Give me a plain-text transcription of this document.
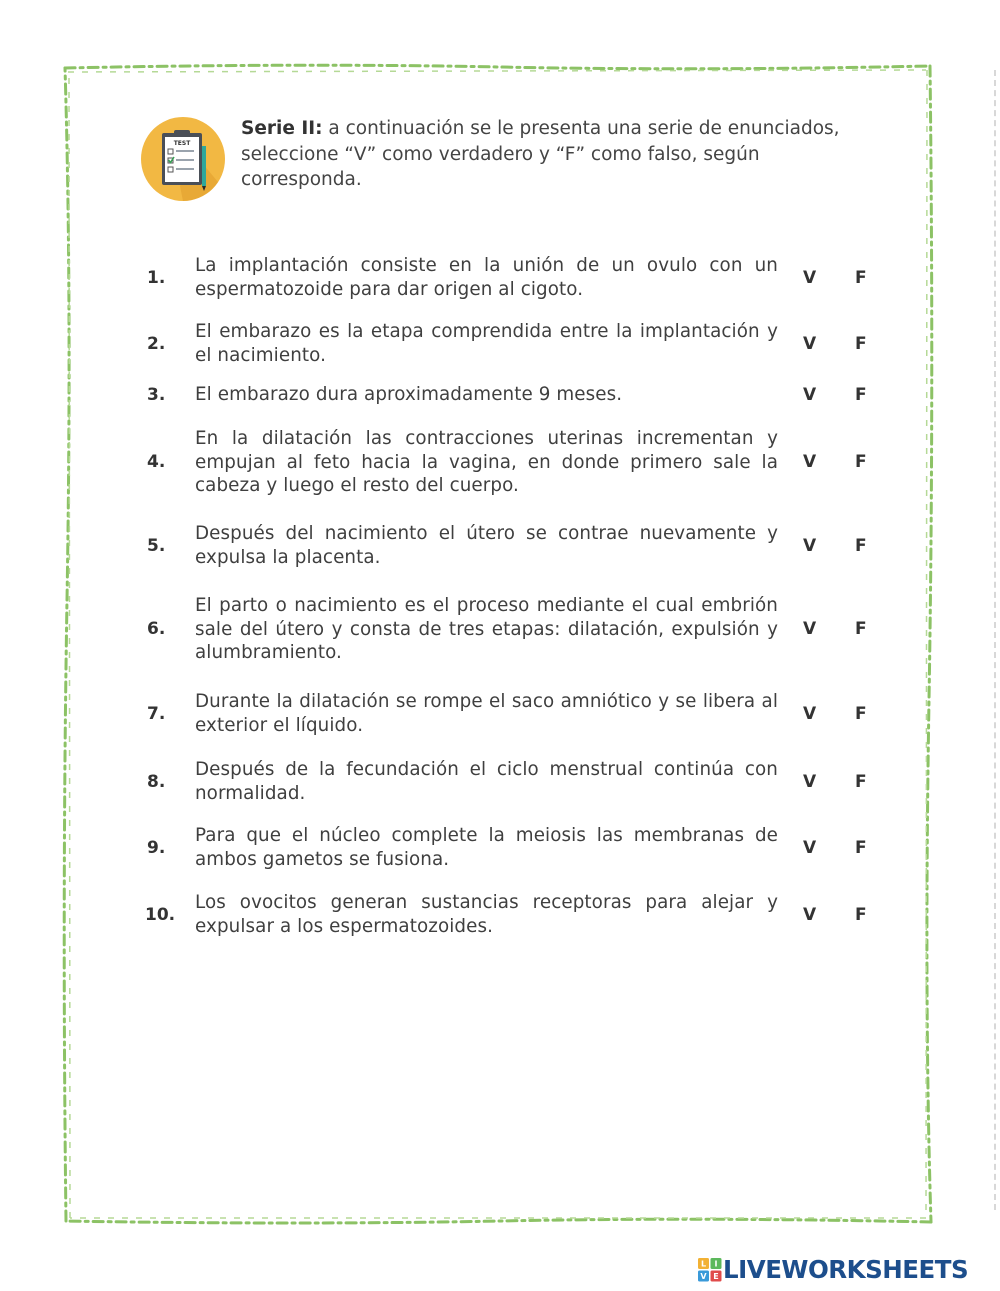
TEST
Serie II: a continuación se le presenta una serie de enunciados, seleccione “V” como verdadero y “F” como falso, según corresponda.
1.
La implantación consiste en la unión de un ovulo con un espermatozoide para dar origen al cigoto.
V F
2.
El embarazo es la etapa comprendida entre la implantación y el nacimiento.
V F
3. El embarazo dura aproximadamente 9 meses.	V F
4.
En la dilatación las contracciones uterinas incrementan y empujan al feto hacia la vagina, en donde primero sale la cabeza y luego el resto del cuerpo.
V F
5.
Después del nacimiento el útero se contrae nuevamente y expulsa la placenta.
V F
6.
El parto o nacimiento es el proceso mediante el cual embrión sale del útero y consta de tres etapas: dilatación, expulsión y alumbramiento.
V F
7.
Durante la dilatación se rompe el saco amniótico y se libera al exterior el líquido.
V F
8.
Después de la fecundación el ciclo menstrual continúa con normalidad.
V F
9.
Para que el núcleo complete la meiosis las membranas de ambos gametos se fusiona.
V F
10.
Los ovocitos generan sustancias receptoras para alejar y expulsar a los espermatozoides.
V F
L I
V E LIVEWORKSHEETS
